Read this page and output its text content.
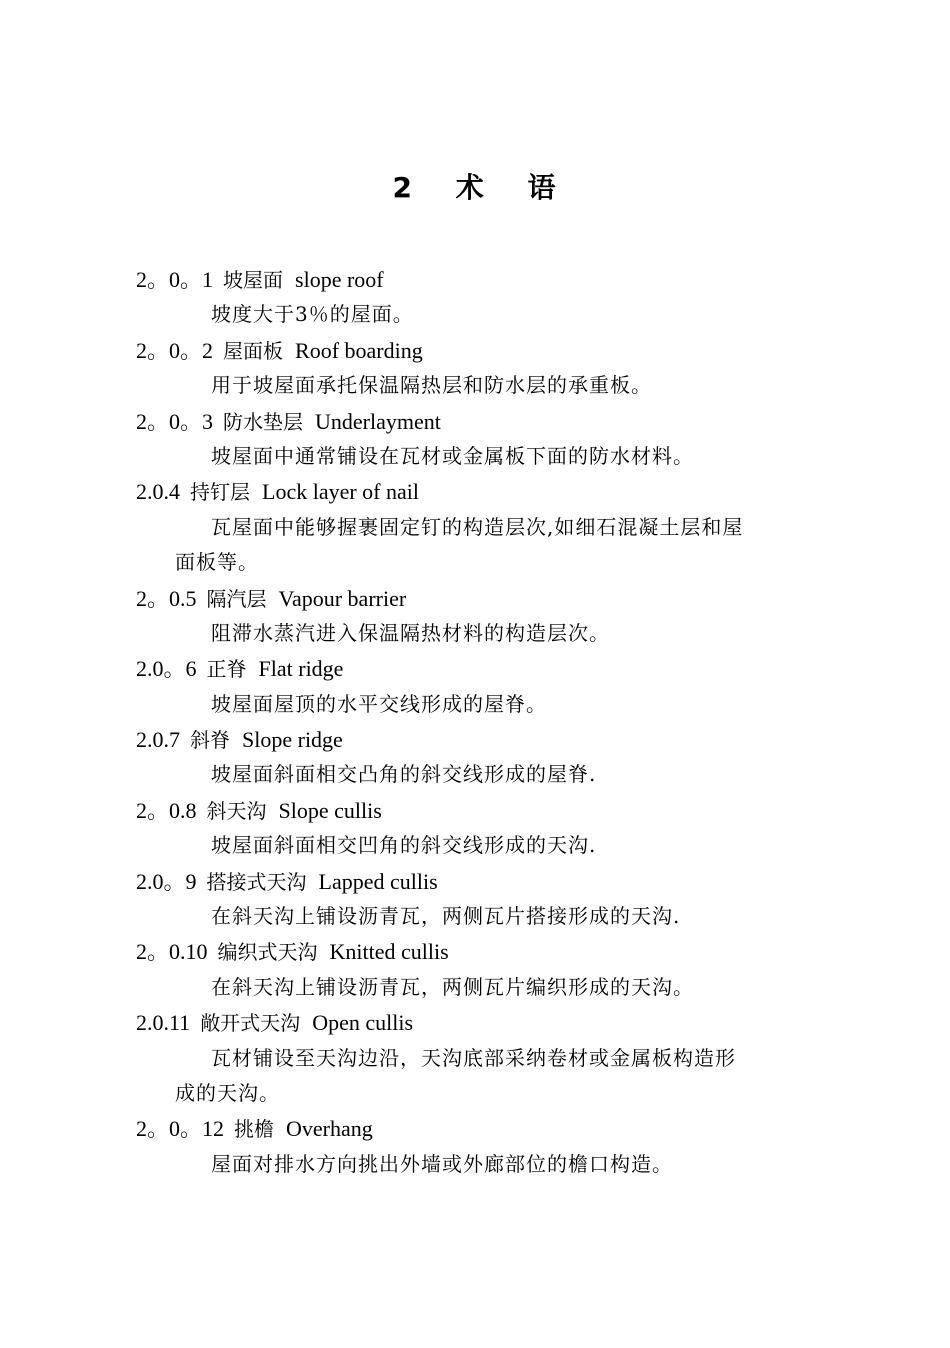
2 术 语
2。0。1 坡屋面 slope roof
坡度大于3％的屋面。
2。0。2 屋面板 Roof boarding
用于坡屋面承托保温隔热层和防水层的承重板。
2。0。3 防水垫层 Underlayment
坡屋面中通常铺设在瓦材或金属板下面的防水材料。
2.0.4 持钉层 Lock layer of nail
瓦屋面中能够握裹固定钉的构造层次,如细石混凝土层和屋
面板等。
2。0.5 隔汽层 Vapour barrier
阻滞水蒸汽进入保温隔热材料的构造层次。
2.0。6 正脊 Flat ridge
坡屋面屋顶的水平交线形成的屋脊。
2.0.7 斜脊 Slope ridge
坡屋面斜面相交凸角的斜交线形成的屋脊.
2。0.8 斜天沟 Slope cullis
坡屋面斜面相交凹角的斜交线形成的天沟.
2.0。9 搭接式天沟 Lapped cullis
在斜天沟上铺设沥青瓦，两侧瓦片搭接形成的天沟.
2。0.10 编织式天沟 Knitted cullis
在斜天沟上铺设沥青瓦，两侧瓦片编织形成的天沟。
2.0.11 敞开式天沟 Open cullis
瓦材铺设至天沟边沿，天沟底部采纳卷材或金属板构造形
成的天沟。
2。0。12 挑檐 Overhang
屋面对排水方向挑出外墙或外廊部位的檐口构造。
